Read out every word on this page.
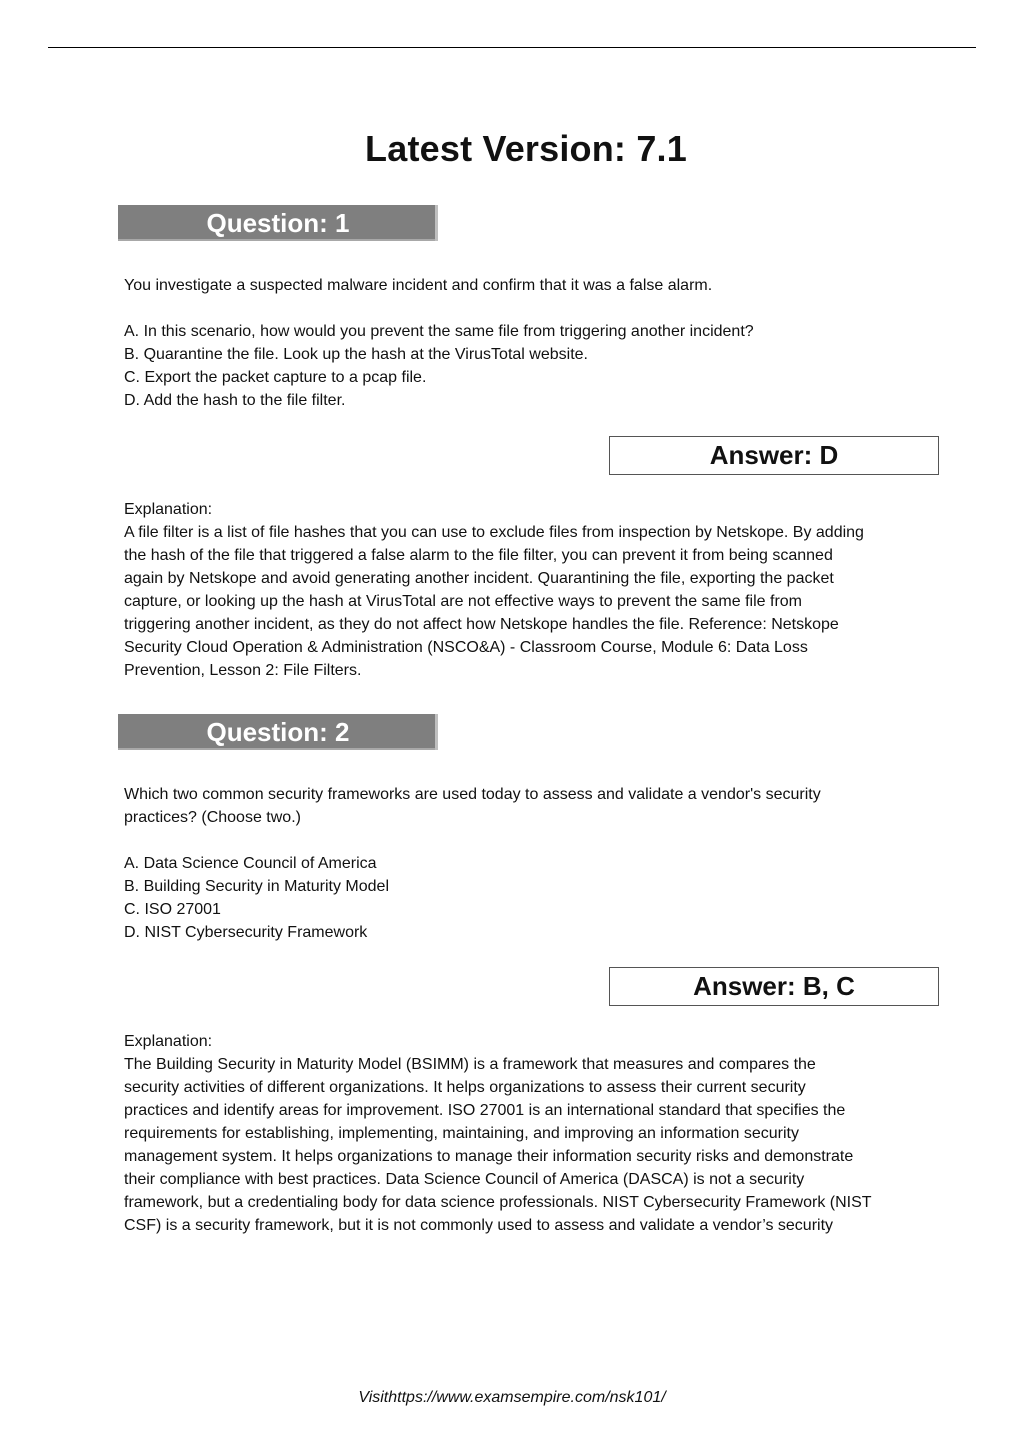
Latest Version: 7.1
Question: 1
You investigate a suspected malware incident and confirm that it was a false alarm.
A. In this scenario, how would you prevent the same file from triggering another incident?
B. Quarantine the file. Look up the hash at the VirusTotal website.
C. Export the packet capture to a pcap file.
D. Add the hash to the file filter.
Answer: D
Explanation:
A file filter is a list of file hashes that you can use to exclude files from inspection by Netskope. By adding
the hash of the file that triggered a false alarm to the file filter, you can prevent it from being scanned
again by Netskope and avoid generating another incident. Quarantining the file, exporting the packet
capture, or looking up the hash at VirusTotal are not effective ways to prevent the same file from
triggering another incident, as they do not affect how Netskope handles the file. Reference: Netskope
Security Cloud Operation & Administration (NSCO&A) - Classroom Course, Module 6: Data Loss
Prevention, Lesson 2: File Filters.
Question: 2
Which two common security frameworks are used today to assess and validate a vendor's security
practices? (Choose two.)
A. Data Science Council of America
B. Building Security in Maturity Model
C. ISO 27001
D. NIST Cybersecurity Framework
Answer: B, C
Explanation:
The Building Security in Maturity Model (BSIMM) is a framework that measures and compares the
security activities of different organizations. It helps organizations to assess their current security
practices and identify areas for improvement. ISO 27001 is an international standard that specifies the
requirements for establishing, implementing, maintaining, and improving an information security
management system. It helps organizations to manage their information security risks and demonstrate
their compliance with best practices. Data Science Council of America (DASCA) is not a security
framework, but a credentialing body for data science professionals. NIST Cybersecurity Framework (NIST
CSF) is a security framework, but it is not commonly used to assess and validate a vendor’s security
Visithttps://www.examsempire.com/nsk101/
